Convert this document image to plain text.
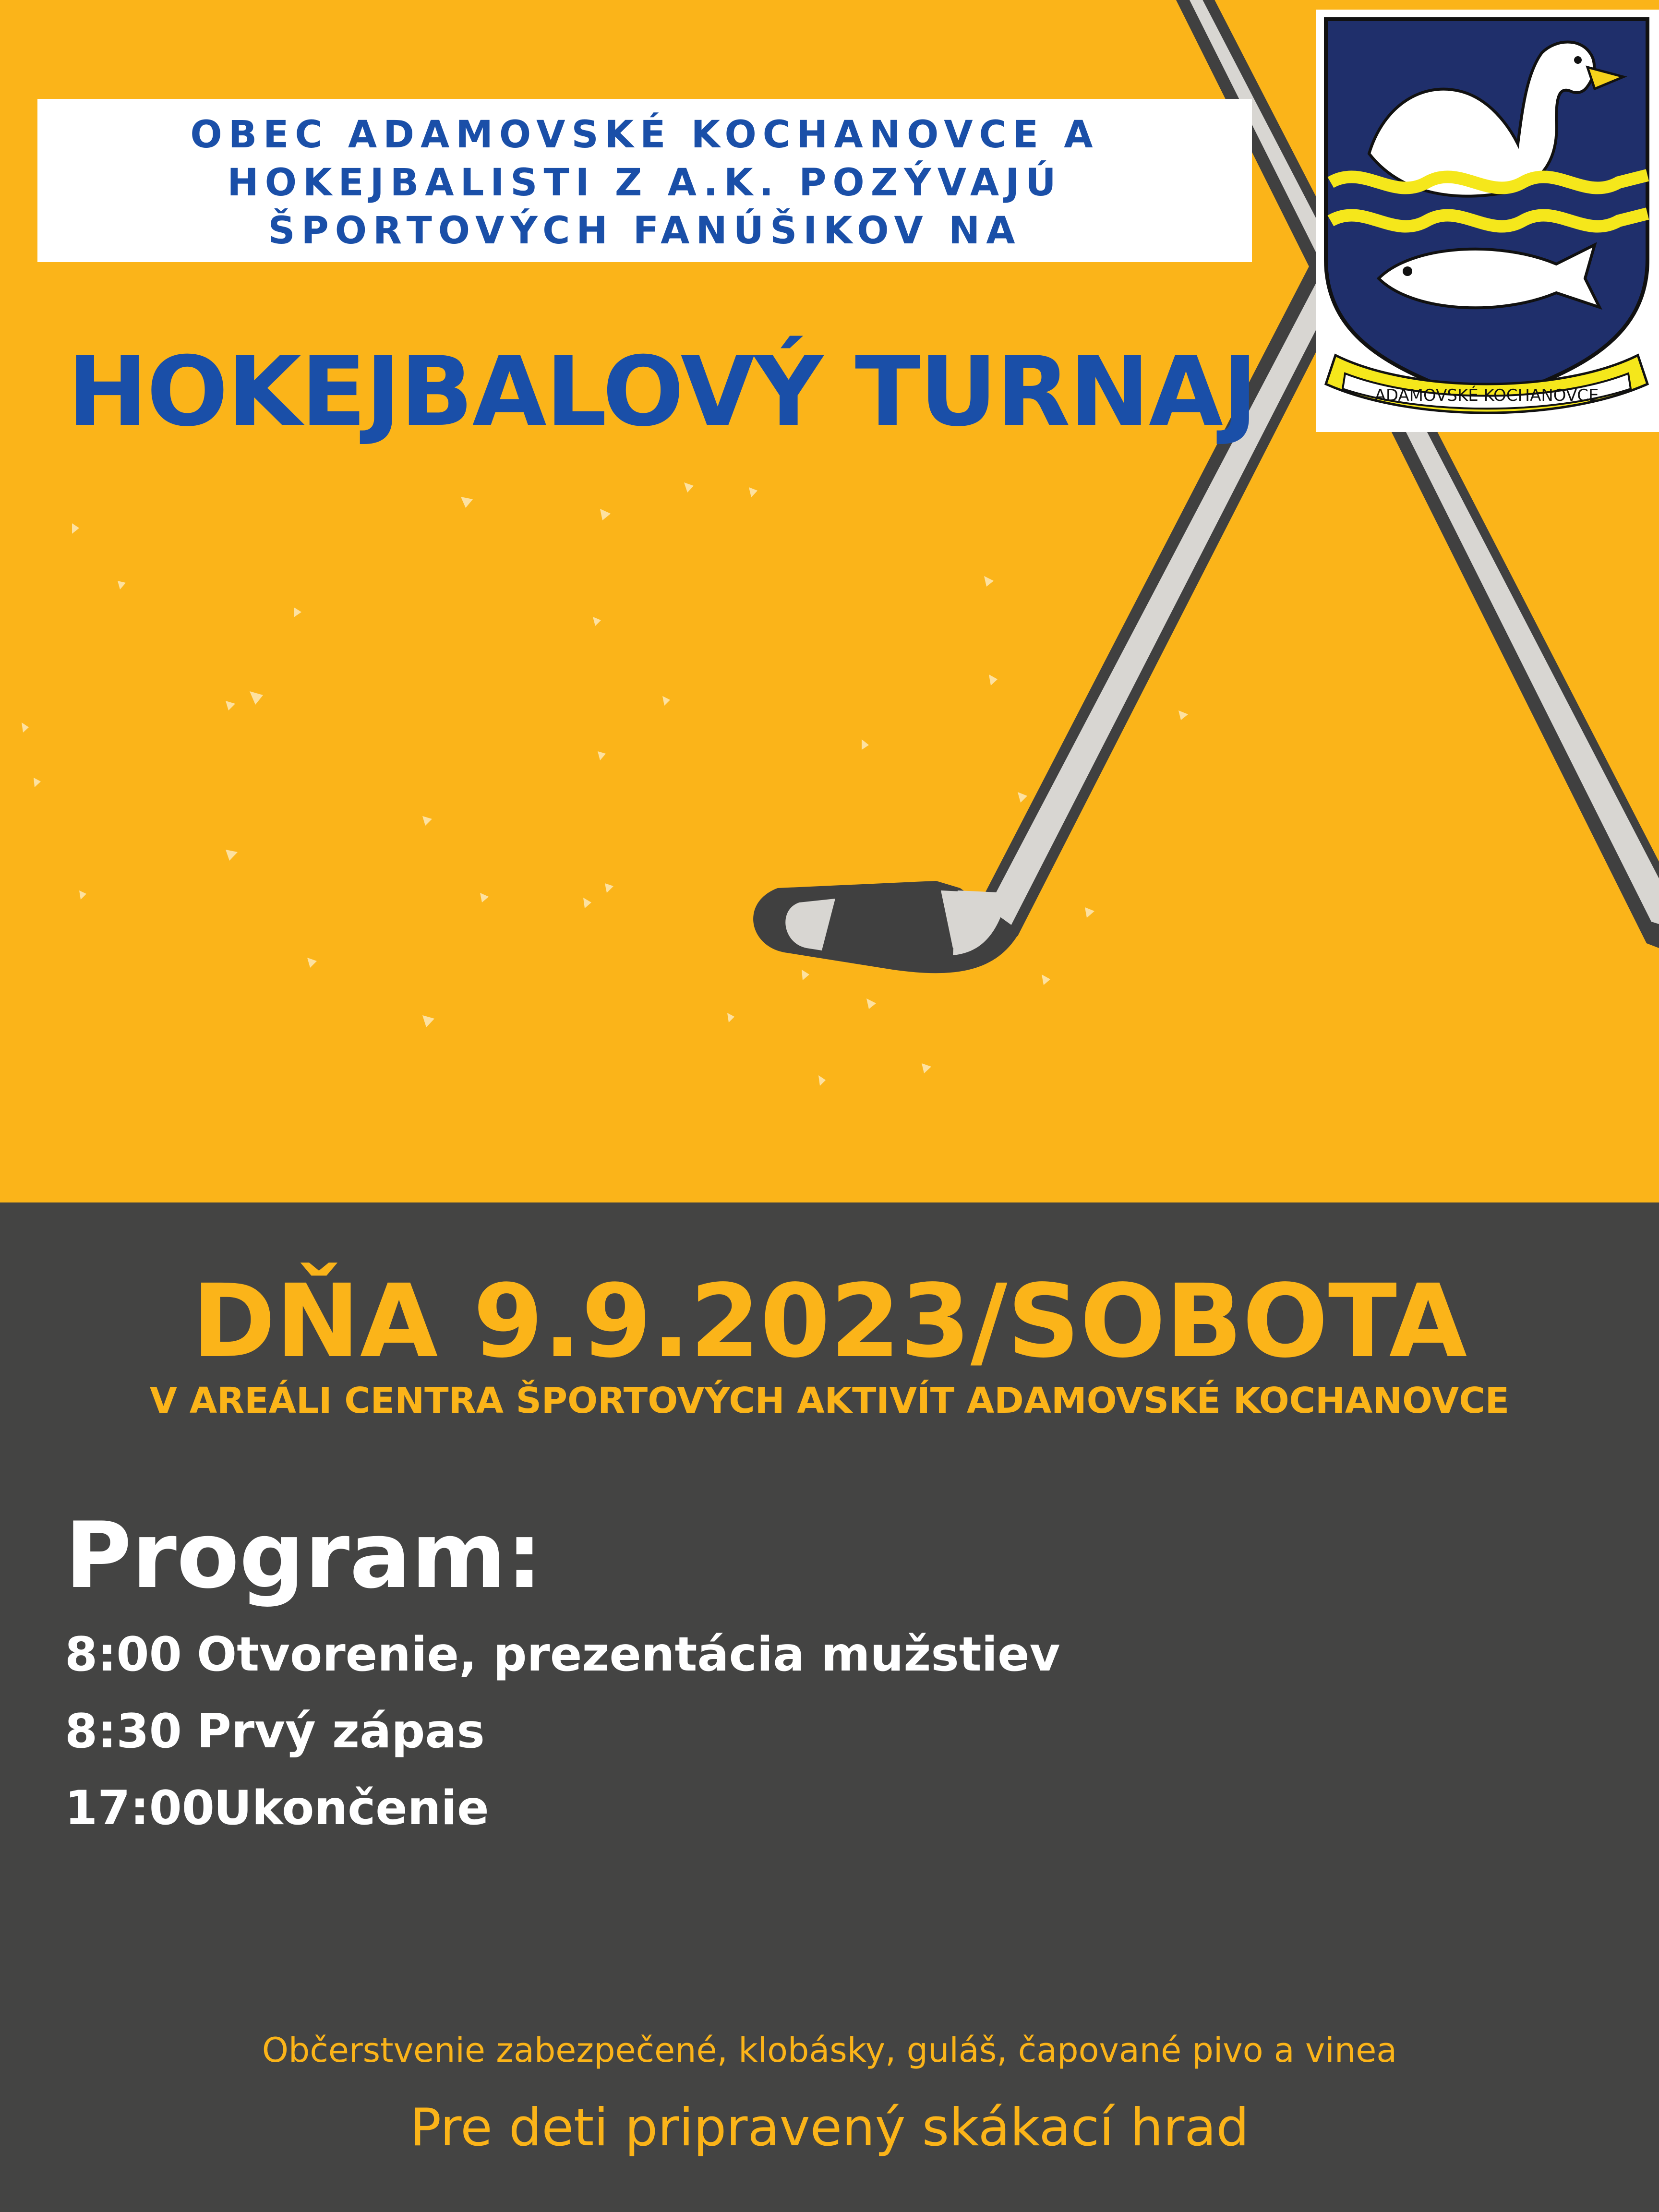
OBEC ADAMOVSKÉ KOCHANOVCE A
HOKEJBALISTI Z A.K. POZÝVAJÚ
ŠPORTOVÝCH FANÚŠIKOV NA
HOKEJBALOVÝ TURNAJ	ADAMOVSKÉ KOCHANOVCE
DŇA 9.9.2023/SOBOTA
V AREÁLI CENTRA ŠPORTOVÝCH AKTIVÍT ADAMOVSKÉ KOCHANOVCE
Program:
8:00 Otvorenie, prezentácia mužstiev
8:30 Prvý zápas
17:00Ukončenie
Občerstvenie zabezpečené, klobásky, guláš, čapované pivo a vinea
Pre deti pripravený skákací hrad
